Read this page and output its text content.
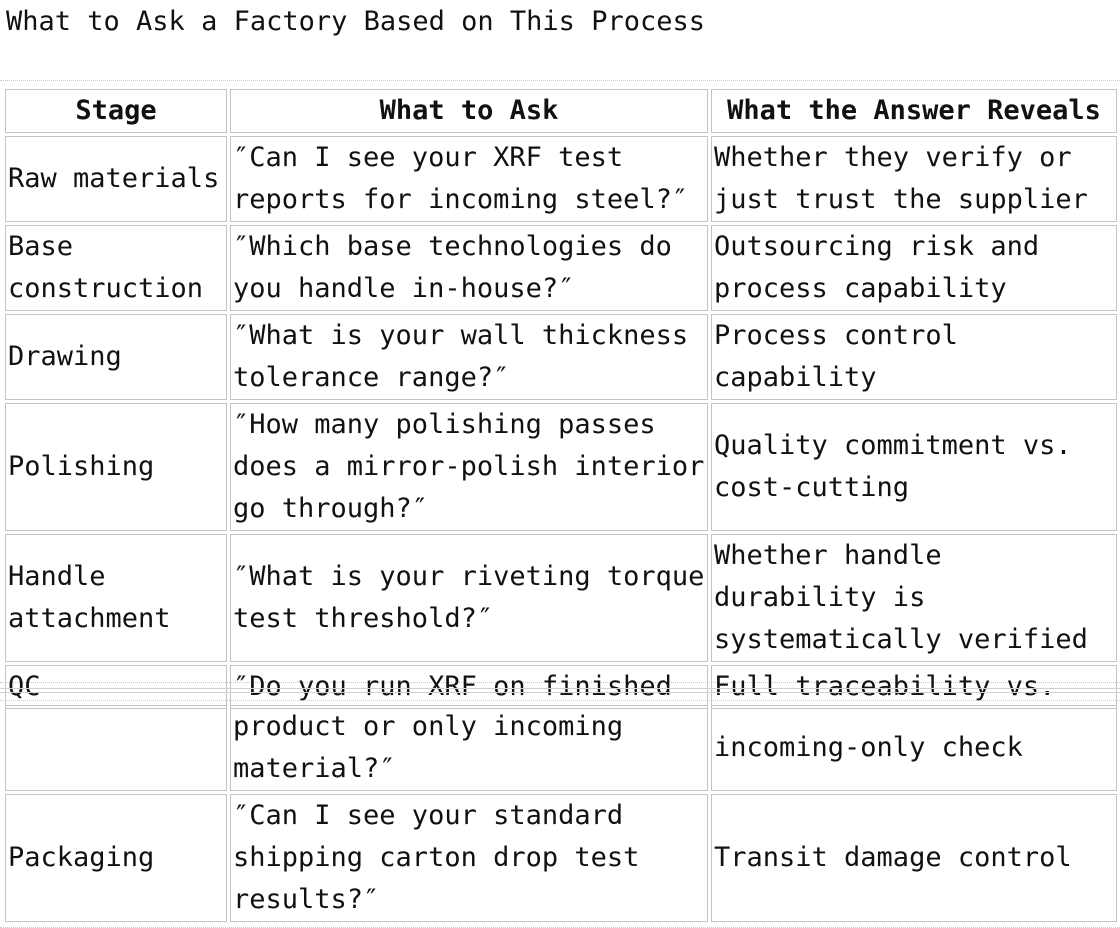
What to Ask a Factory Based on This Process
Stage	What to Ask	What the Answer Reveals
Raw materials	″Can I see your XRF test reports for incoming steel?″	Whether they verify or just trust the supplier
Base construction	″Which base technologies do you handle in-house?″	Outsourcing risk and process capability
Drawing	″What is your wall thickness tolerance range?″	Process control capability
Polishing	″How many polishing passes does a mirror-polish interior go through?″	Quality commitment vs. cost-cutting
Handle attachment	″What is your riveting torque test threshold?″	Whether handle durability is systematically verified
QC	″Do you run XRF on finished	Full traceability vs.
	product or only incoming material?″	incoming-only check
Packaging	″Can I see your standard shipping carton drop test results?″	Transit damage control
